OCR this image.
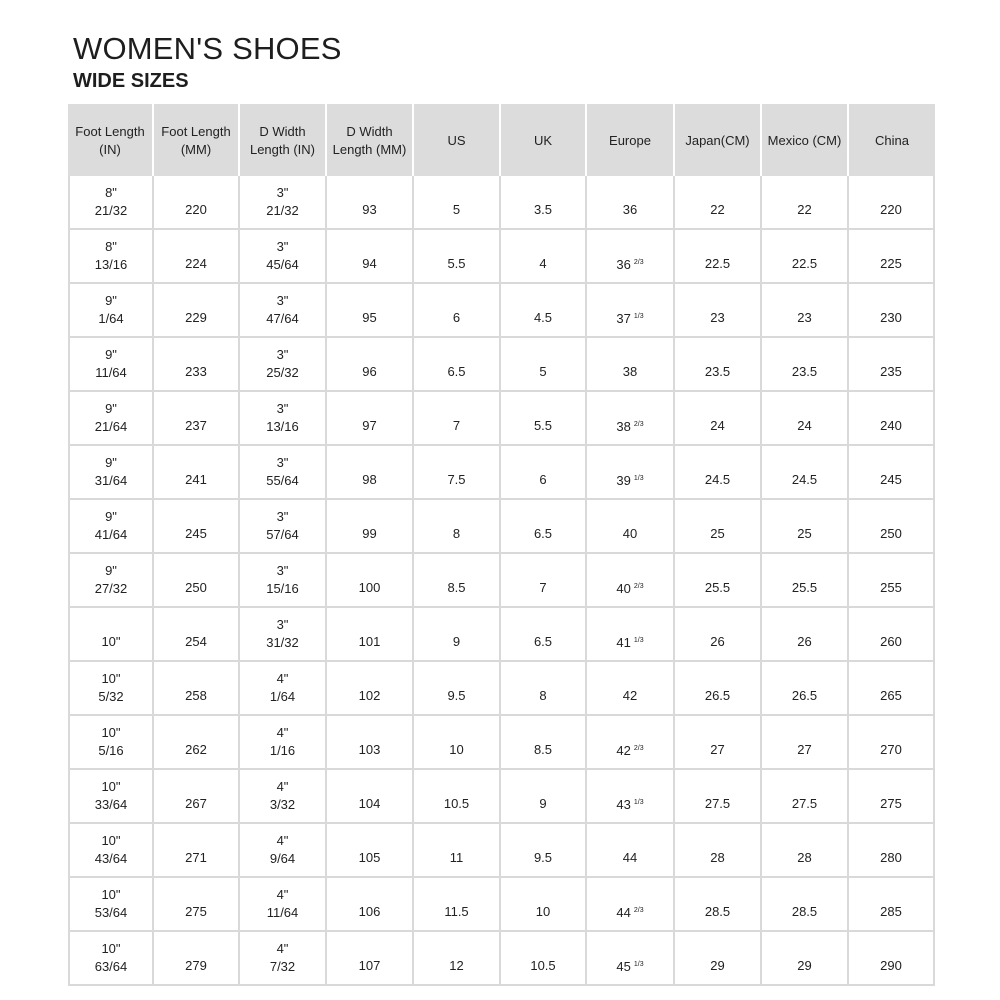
WOMEN'S SHOES
WIDE SIZES
Foot Length
(IN)	Foot Length
(MM)	D Width
Length (IN)	D Width
Length (MM)	US	UK	Europe	Japan(CM)	Mexico (CM)	China

8"
21/32	220	3"
21/32	93	5	3.5	36	22	22	220

8"
13/16	224	3"
45/64	94	5.5	4	36 $^{2/3}$	22.5	22.5	225

9"
1/64	229	3"
47/64	95	6	4.5	37 $^{1/3}$	23	23	230

9"
11/64	233	3"
25/32	96	6.5	5	38	23.5	23.5	235

9"
21/64	237	3"
13/16	97	7	5.5	38 $^{2/3}$	24	24	240

9"
31/64	241	3"
55/64	98	7.5	6	39 $^{1/3}$	24.5	24.5	245

9"
41/64	245	3"
57/64	99	8	6.5	40	25	25	250

9"
27/32	250	3"
15/16	100	8.5	7	40 $^{2/3}$	25.5	25.5	255

10"	254	3"
31/32	101	9	6.5	41 $^{1/3}$	26	26	260

10"
5/32	258	4"
1/64	102	9.5	8	42	26.5	26.5	265

10"
5/16	262	4"
1/16	103	10	8.5	42 $^{2/3}$	27	27	270

10"
33/64	267	4"
3/32	104	10.5	9	43 $^{1/3}$	27.5	27.5	275

10"
43/64	271	4"
9/64	105	11	9.5	44	28	28	280

10"
53/64	275	4"
11/64	106	11.5	10	44 $^{2/3}$	28.5	28.5	285

10"
63/64	279	4"
7/32	107	12	10.5	45 $^{1/3}$	29	29	290
